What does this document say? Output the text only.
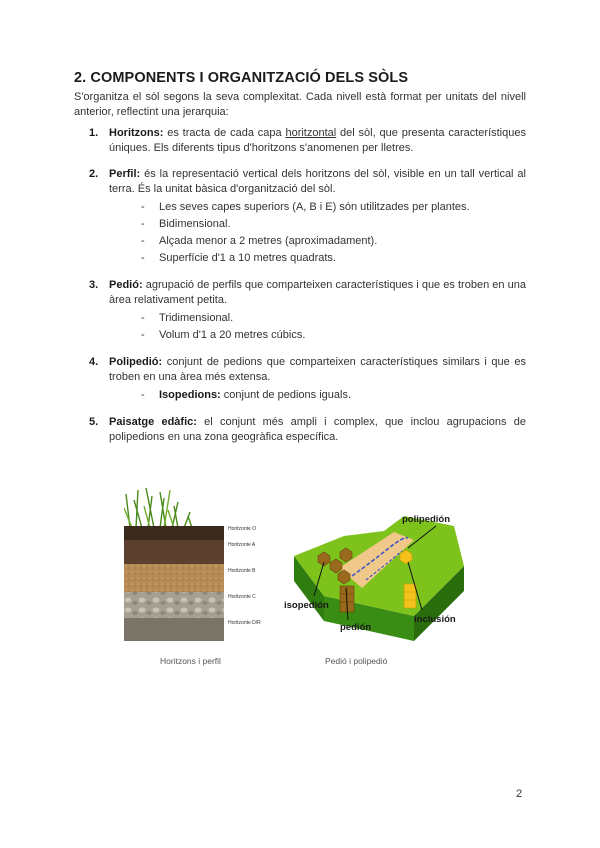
2. COMPONENTS I ORGANITZACIÓ DELS SÒLS

S'organitza el sòl segons la seva complexitat. Cada nivell està format per unitats del nivell anterior, reflectint una jerarquia:

1. Horitzons: es tracta de cada capa horitzontal del sòl, que presenta característiques úniques. Els diferents tipus d'horitzons s'anomenen per lletres.
2. Perfil: és la representació vertical dels horitzons del sòl, visible en un tall vertical al terra. És la unitat bàsica d'organització del sòl.
- Les seves capes superiors (A, B i E) són utilitzades per plantes.
- Bidimensional.
- Alçada menor a 2 metres (aproximadament).
- Superfície d'1 a 10 metres quadrats.
3. Pedió: agrupació de perfils que comparteixen característiques i que es troben en una àrea relativament petita.
- Tridimensional.
- Volum d'1 a 20 metres cúbics.
4. Polipedió: conjunt de pedions que comparteixen característiques similars i que es troben en una àrea més extensa.
- Isopedions: conjunt de pedions iguals.
5. Paisatge edàfic: el conjunt més ampli i complex, que inclou agrupacions de polipedions en una zona geogràfica específica.
Horitzonte O
Horitzonte A
Horitzonte B
Horitzonte C
Horitzonte D/R
polipedión
isopedión
pedión
inclusión
Horitzons i perfil	Pedió i polipedió
2
